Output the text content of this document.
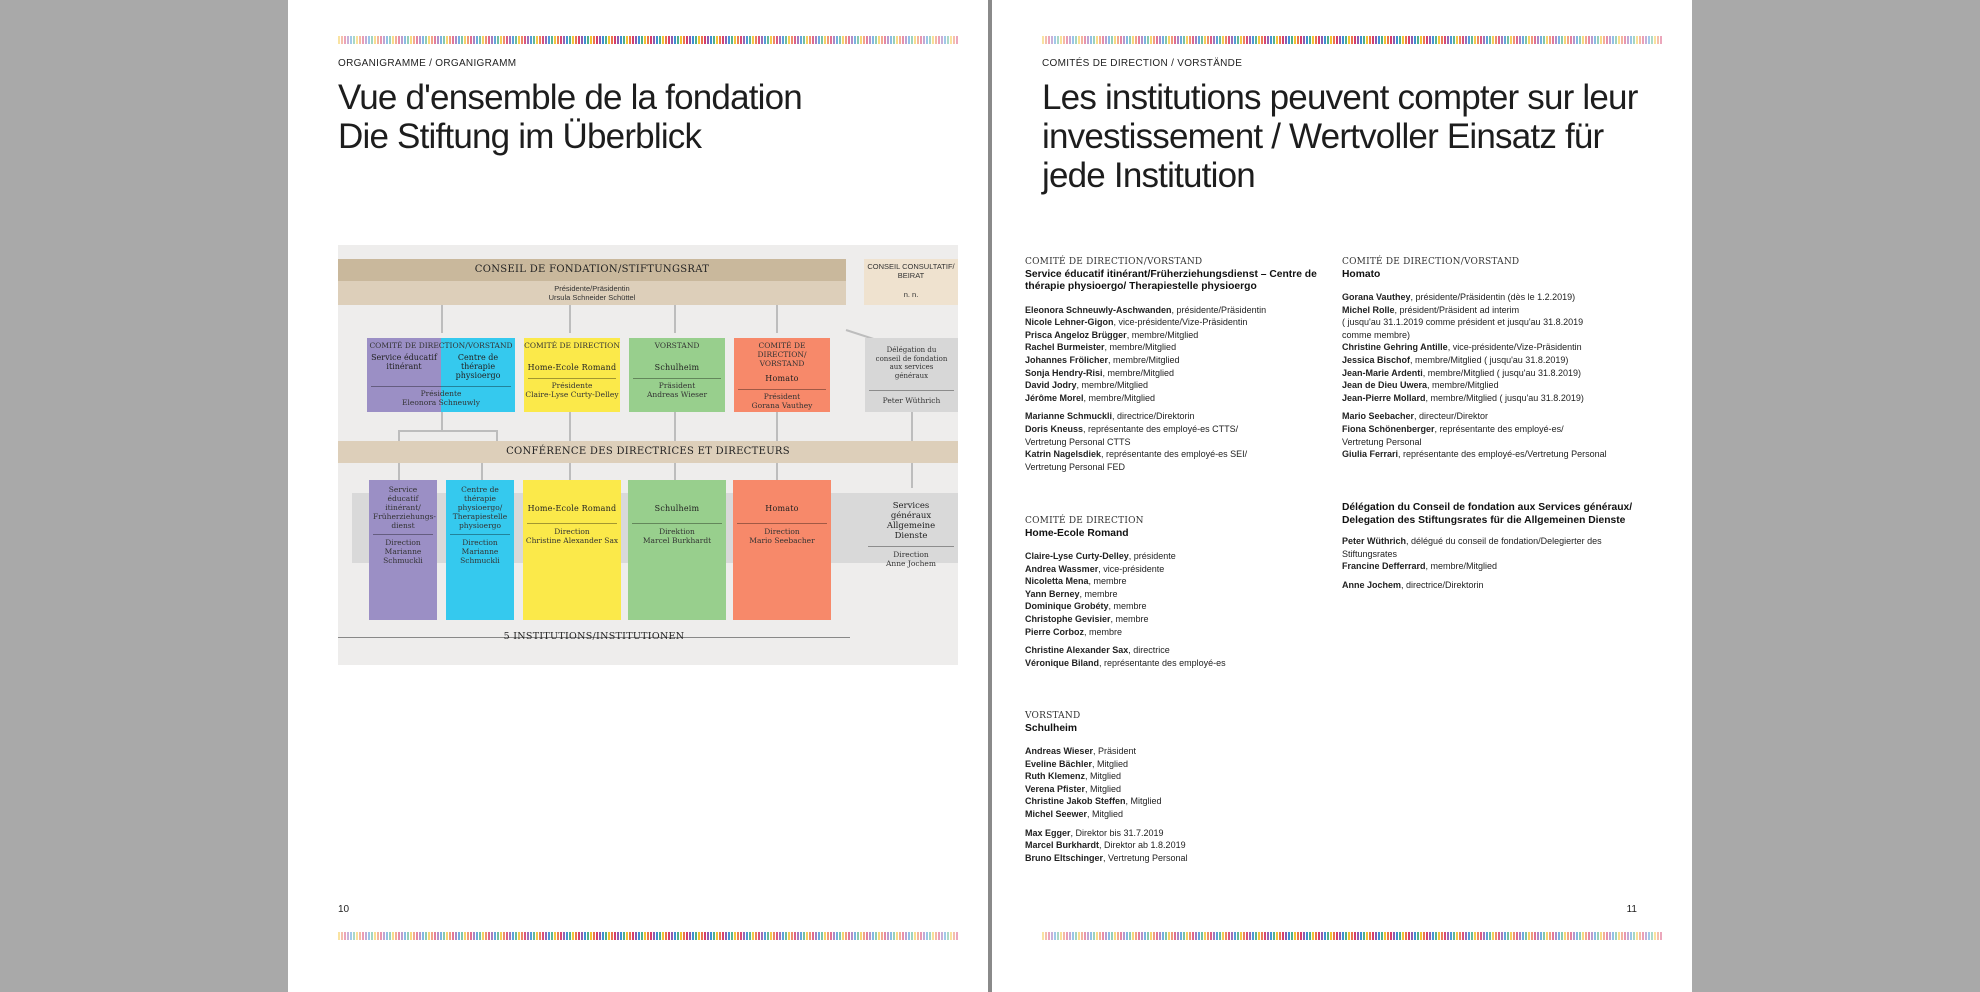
ORGANIGRAMME / ORGANIGRAMM
Vue d'ensemble de la fondation
Die Stiftung im Überblick
CONSEIL DE FONDATION/STIFTUNGSRAT
Présidente/Präsidentin
Ursula Schneider Schüttel
CONSEIL CONSULTATIF/ BEIRAT
n. n.
COMITÉ DE DIRECTION/VORSTAND
Service éducatif itinérant
Centre de thérapie physioergo
Présidente
Eleonora Schneuwly
COMITÉ DE DIRECTION
Home-Ecole Romand
Présidente
Claire-Lyse Curty-Delley
VORSTAND
Schulheim
Präsident
Andreas Wieser
COMITÉ DE DIRECTION/ VORSTAND
Homato
Président
Gorana Vauthey
Délégation du conseil de fondation aux services généraux
Peter Wüthrich
CONFÉRENCE DES DIRECTRICES ET DIRECTEURS
Service éducatif itinérant/ Früherziehungs-dienst
Direction
Marianne Schmuckli
Centre de thérapie physioergo/ Therapiestelle physioergo
Direction
Marianne Schmuckli
Home-Ecole Romand
Direction
Christine Alexander Sax
Schulheim
Direktion
Marcel Burkhardt
Homato
Direction
Mario Seebacher
Services généraux Allgemeine Dienste
Direction
Anne Jochem
5 INSTITUTIONS/INSTITUTIONEN
10
COMITÉS DE DIRECTION / VORSTÄNDE
Les institutions peuvent compter sur leur
investissement / Wertvoller Einsatz für
jede Institution
COMITÉ DE DIRECTION/VORSTAND
Service éducatif itinérant/Früherziehungsdienst – Centre de thérapie physioergo/ Therapiestelle physioergo
Eleonora Schneuwly-Aschwanden, présidente/Präsidentin
Nicole Lehner-Gigon, vice-présidente/Vize-Präsidentin
Prisca Angeloz Brügger, membre/Mitglied
Rachel Burmeister, membre/Mitglied
Johannes Frölicher, membre/Mitglied
Sonja Hendry-Risi, membre/Mitglied
David Jodry, membre/Mitglied
Jérôme Morel, membre/Mitglied
Marianne Schmuckli, directrice/Direktorin
Doris Kneuss, représentante des employé-es CTTS/
Vertretung Personal CTTS
Katrin Nagelsdiek, représentante des employé-es SEI/
Vertretung Personal FED
COMITÉ DE DIRECTION
Home-Ecole Romand
Claire-Lyse Curty-Delley, présidente
Andrea Wassmer, vice-présidente
Nicoletta Mena, membre
Yann Berney, membre
Dominique Grobéty, membre
Christophe Gevisier, membre
Pierre Corboz, membre
Christine Alexander Sax, directrice
Véronique Biland, représentante des employé-es
VORSTAND
Schulheim
Andreas Wieser, Präsident
Eveline Bächler, Mitglied
Ruth Klemenz, Mitglied
Verena Pfister, Mitglied
Christine Jakob Steffen, Mitglied
Michel Seewer, Mitglied
Max Egger, Direktor bis 31.7.2019
Marcel Burkhardt, Direktor ab 1.8.2019
Bruno Eltschinger, Vertretung Personal
COMITÉ DE DIRECTION/VORSTAND
Homato
Gorana Vauthey, présidente/Präsidentin (dès le 1.2.2019)
Michel Rolle, président/Präsident ad interim
( jusqu'au 31.1.2019 comme président et jusqu'au 31.8.2019
comme membre)
Christine Gehring Antille, vice-présidente/Vize-Präsidentin
Jessica Bischof, membre/Mitglied ( jusqu'au 31.8.2019)
Jean-Marie Ardenti, membre/Mitglied ( jusqu'au 31.8.2019)
Jean de Dieu Uwera, membre/Mitglied
Jean-Pierre Mollard, membre/Mitglied ( jusqu'au 31.8.2019)
Mario Seebacher, directeur/Direktor
Fiona Schönenberger, représentante des employé-es/
Vertretung Personal
Giulia Ferrari, représentante des employé-es/Vertretung Personal
Délégation du Conseil de fondation aux Services généraux/ Delegation des Stiftungsrates für die Allgemeinen Dienste
Peter Wüthrich, délégué du conseil de fondation/Delegierter des
Stiftungsrates
Francine Defferrard, membre/Mitglied
Anne Jochem, directrice/Direktorin
11
